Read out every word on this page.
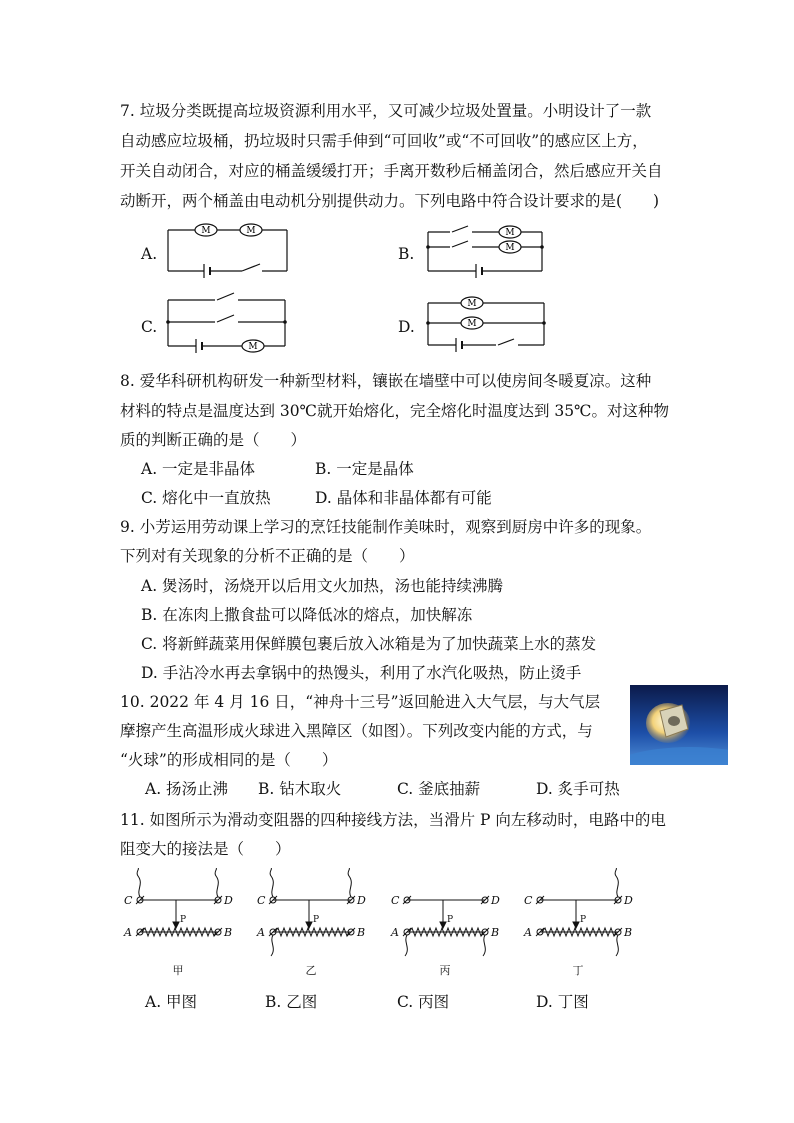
7. 垃圾分类既提高垃圾资源利用水平，又可减少垃圾处置量。小明设计了一款
自动感应垃圾桶，扔垃圾时只需手伸到“可回收”或“不可回收”的感应区上方，
开关自动闭合，对应的桶盖缓缓打开；手离开数秒后桶盖闭合，然后感应开关自
动断开，两个桶盖由电动机分别提供动力。下列电路中符合设计要求的是(　　)
A.
M	M
B.
M
M
C.
M
D.
M
M
8. 爱华科研机构研发一种新型材料，镶嵌在墙壁中可以使房间冬暖夏凉。这种
材料的特点是温度达到 30℃就开始熔化，完全熔化时温度达到 35℃。对这种物
质的判断正确的是（　　）
A. 一定是非晶体	B. 一定是晶体
C. 熔化中一直放热	D. 晶体和非晶体都有可能
9. 小芳运用劳动课上学习的烹饪技能制作美味时，观察到厨房中许多的现象。
下列对有关现象的分析不正确的是（　　）
A. 煲汤时，汤烧开以后用文火加热，汤也能持续沸腾
B. 在冻肉上撒食盐可以降低冰的熔点，加快解冻
C. 将新鲜蔬菜用保鲜膜包裹后放入冰箱是为了加快蔬菜上水的蒸发
D. 手沾冷水再去拿锅中的热馒头，利用了水汽化吸热，防止烫手
10. 2022 年 4 月 16 日，“神舟十三号”返回舱进入大气层，与大气层
摩擦产生高温形成火球进入黑障区（如图）。下列改变内能的方式，与
“火球”的形成相同的是（　　）
A. 扬汤止沸 B. 钻木取火	C. 釜底抽薪	D. 炙手可热
11. 如图所示为滑动变阻器的四种接线方法，当滑片 P 向左移动时，电路中的电
阻变大的接法是（　　）
C	D
A	B
C	D
A	B
C	D
A	B
C	D
A	B
P	P	P	P
甲	乙	丙	丁
A. 甲图	B. 乙图	C. 丙图	D. 丁图
